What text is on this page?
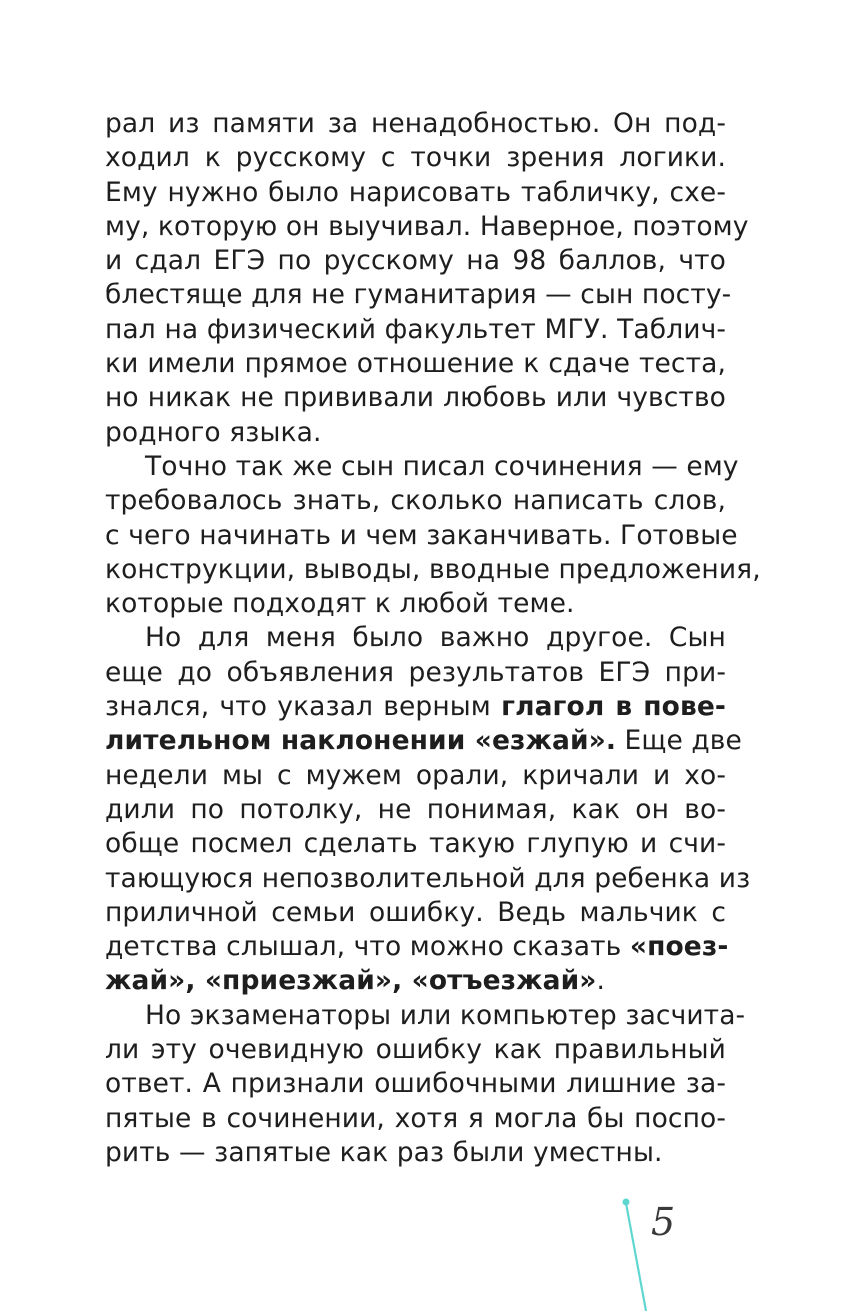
рал из памяти за ненадобностью. Он под-
ходил к русскому с точки зрения логики.
Ему нужно было нарисовать табличку, схе-
му, которую он выучивал. Наверное, поэтому
и сдал ЕГЭ по русскому на 98 баллов, что
блестяще для не гуманитария — сын посту-
пал на физический факультет МГУ. Таблич-
ки имели прямое отношение к сдаче теста,
но никак не прививали любовь или чувство
родного языка.
Точно так же сын писал сочинения — ему
требовалось знать, сколько написать слов,
с чего начинать и чем заканчивать. Готовые
конструкции, выводы, вводные предложения,
которые подходят к любой теме.
Но для меня было важно другое. Сын
еще до объявления результатов ЕГЭ при-
знался, что указал верным глагол в пове-
лительном наклонении «езжай». Еще две
недели мы с мужем орали, кричали и хо-
дили по потолку, не понимая, как он во-
обще посмел сделать такую глупую и счи-
тающуюся непозволительной для ребенка из
приличной семьи ошибку. Ведь мальчик с
детства слышал, что можно сказать «поез-
жай», «приезжай», «отъезжай».
Но экзаменаторы или компьютер засчита-
ли эту очевидную ошибку как правильный
ответ. А признали ошибочными лишние за-
пятые в сочинении, хотя я могла бы поспо-
рить — запятые как раз были уместны.
5
